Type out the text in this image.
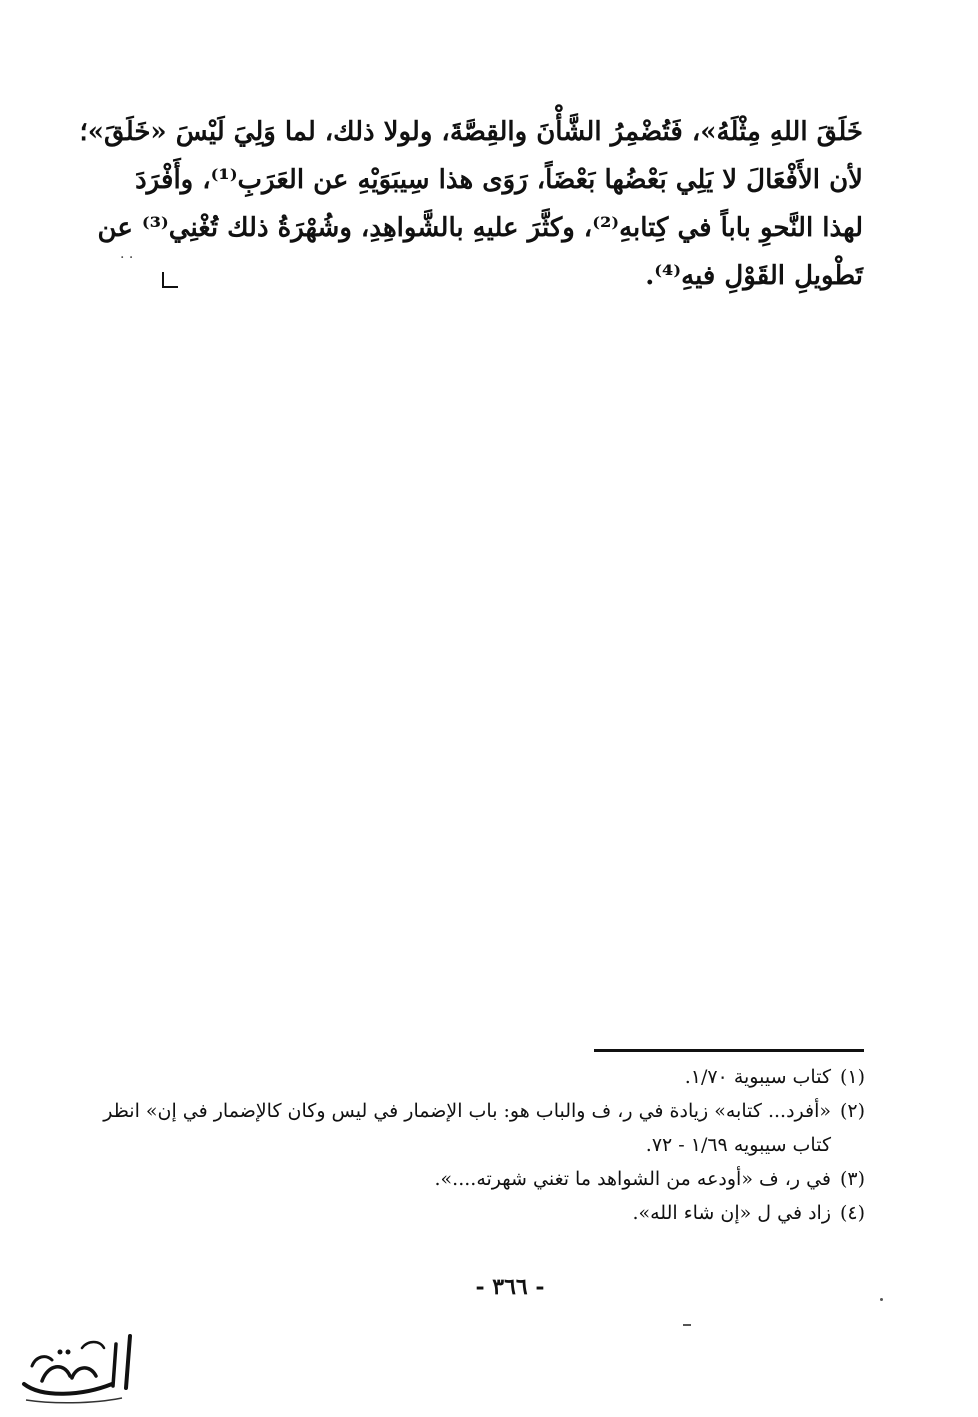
خَلَقَ اللهِ مِثْلَهُ»، فَتُضْمِرُ الشَّأْنَ والقِصَّةَ، ولولا ذلك، لما وَلِيَ لَيْسَ «خَلَقَ»؛
لأن الأَفْعَالَ لا يَلِي بَعْضُها بَعْضَاً، رَوَى هذا سِيبَوَيْهِ عن العَرَبِ⁽¹⁾، وأَفْرَدَ
لهذا النَّحوِ باباً في كِتابهِ⁽²⁾، وكثَّرَ عليهِ بالشَّواهِدِ، وشُهْرَةُ ذلك تُغْنِي⁽³⁾ عن
تَطْويلِ القَوْلِ فيهِ⁽⁴⁾.
· ·
(١)كتاب سيبوية ١/٧٠.
(٢)«أفرد... كتابه» زيادة في ر، ف والباب هو: باب الإضمار في ليس وكان كالإضمار في إن» انظر
كتاب سيبويه ١/٦٩ - ٧٢.
(٣)في ر، ف «أودعه من الشواهد ما تغني شهرته....».
(٤)زاد في ل «إن شاء الله».
- ٣٦٦ -
